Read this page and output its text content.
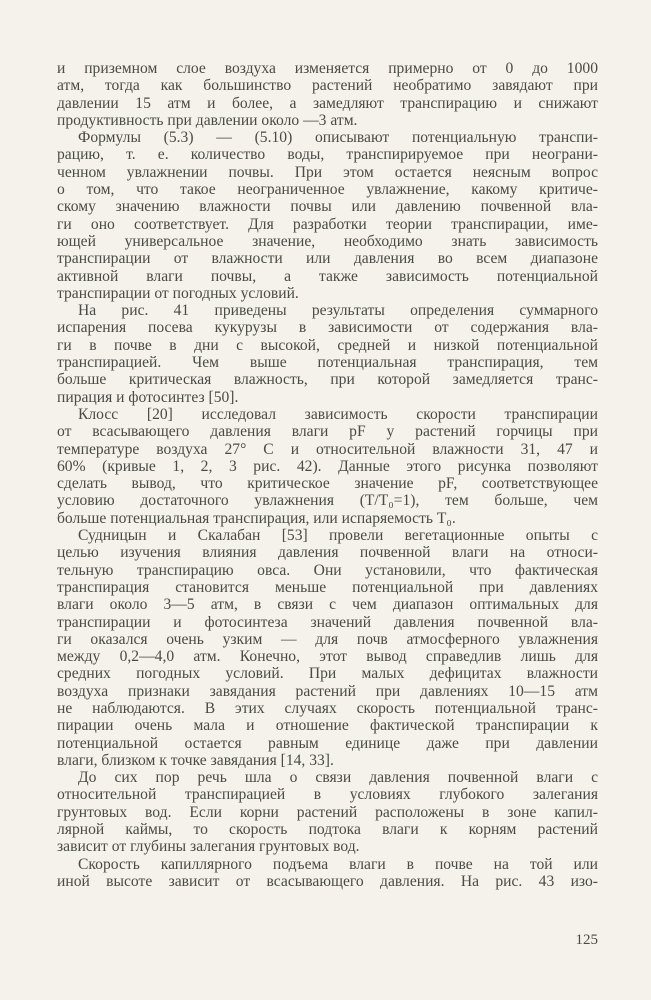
и приземном слое воздуха изменяется примерно от 0 до 1000
атм, тогда как большинство растений необратимо завядают при
давлении 15 атм и более, а замедляют транспирацию и снижают
продуктивность при давлении около —3 атм.
Формулы (5.3) — (5.10) описывают потенциальную транспи-
рацию, т. е. количество воды, транспирируемое при неограни-
ченном увлажнении почвы. При этом остается неясным вопрос
о том, что такое неограниченное увлажнение, какому критиче-
скому значению влажности почвы или давлению почвенной вла-
ги оно соответствует. Для разработки теории транспирации, име-
ющей универсальное значение, необходимо знать зависимость
транспирации от влажности или давления во всем диапазоне
активной влаги почвы, а также зависимость потенциальной
транспирации от погодных условий.
На рис. 41 приведены результаты определения суммарного
испарения посева кукурузы в зависимости от содержания вла-
ги в почве в дни с высокой, средней и низкой потенциальной
транспирацией. Чем выше потенциальная транспирация, тем
больше критическая влажность, при которой замедляется транс-
пирация и фотосинтез [50].
Клосс [20] исследовал зависимость скорости транспирации
от всасывающего давления влаги pF у растений горчицы при
температуре воздуха 27° С и относительной влажности 31, 47 и
60% (кривые 1, 2, 3 рис. 42). Данные этого рисунка позволяют
сделать вывод, что критическое значение pF, соответствующее
условию достаточного увлажнения (T/T₀=1), тем больше, чем
больше потенциальная транспирация, или испаряемость T₀.
Судницын и Скалабан [53] провели вегетационные опыты с
целью изучения влияния давления почвенной влаги на относи-
тельную транспирацию овса. Они установили, что фактическая
транспирация становится меньше потенциальной при давлениях
влаги около 3—5 атм, в связи с чем диапазон оптимальных для
транспирации и фотосинтеза значений давления почвенной вла-
ги оказался очень узким — для почв атмосферного увлажнения
между 0,2—4,0 атм. Конечно, этот вывод справедлив лишь для
средних погодных условий. При малых дефицитах влажности
воздуха признаки завядания растений при давлениях 10—15 атм
не наблюдаются. В этих случаях скорость потенциальной транс-
пирации очень мала и отношение фактической транспирации к
потенциальной остается равным единице даже при давлении
влаги, близком к точке завядания [14, 33].
До сих пор речь шла о связи давления почвенной влаги с
относительной транспирацией в условиях глубокого залегания
грунтовых вод. Если корни растений расположены в зоне капил-
лярной каймы, то скорость подтока влаги к корням растений
зависит от глубины залегания грунтовых вод.
Скорость капиллярного подъема влаги в почве на той или
иной высоте зависит от всасывающего давления. На рис. 43 изо-
125
